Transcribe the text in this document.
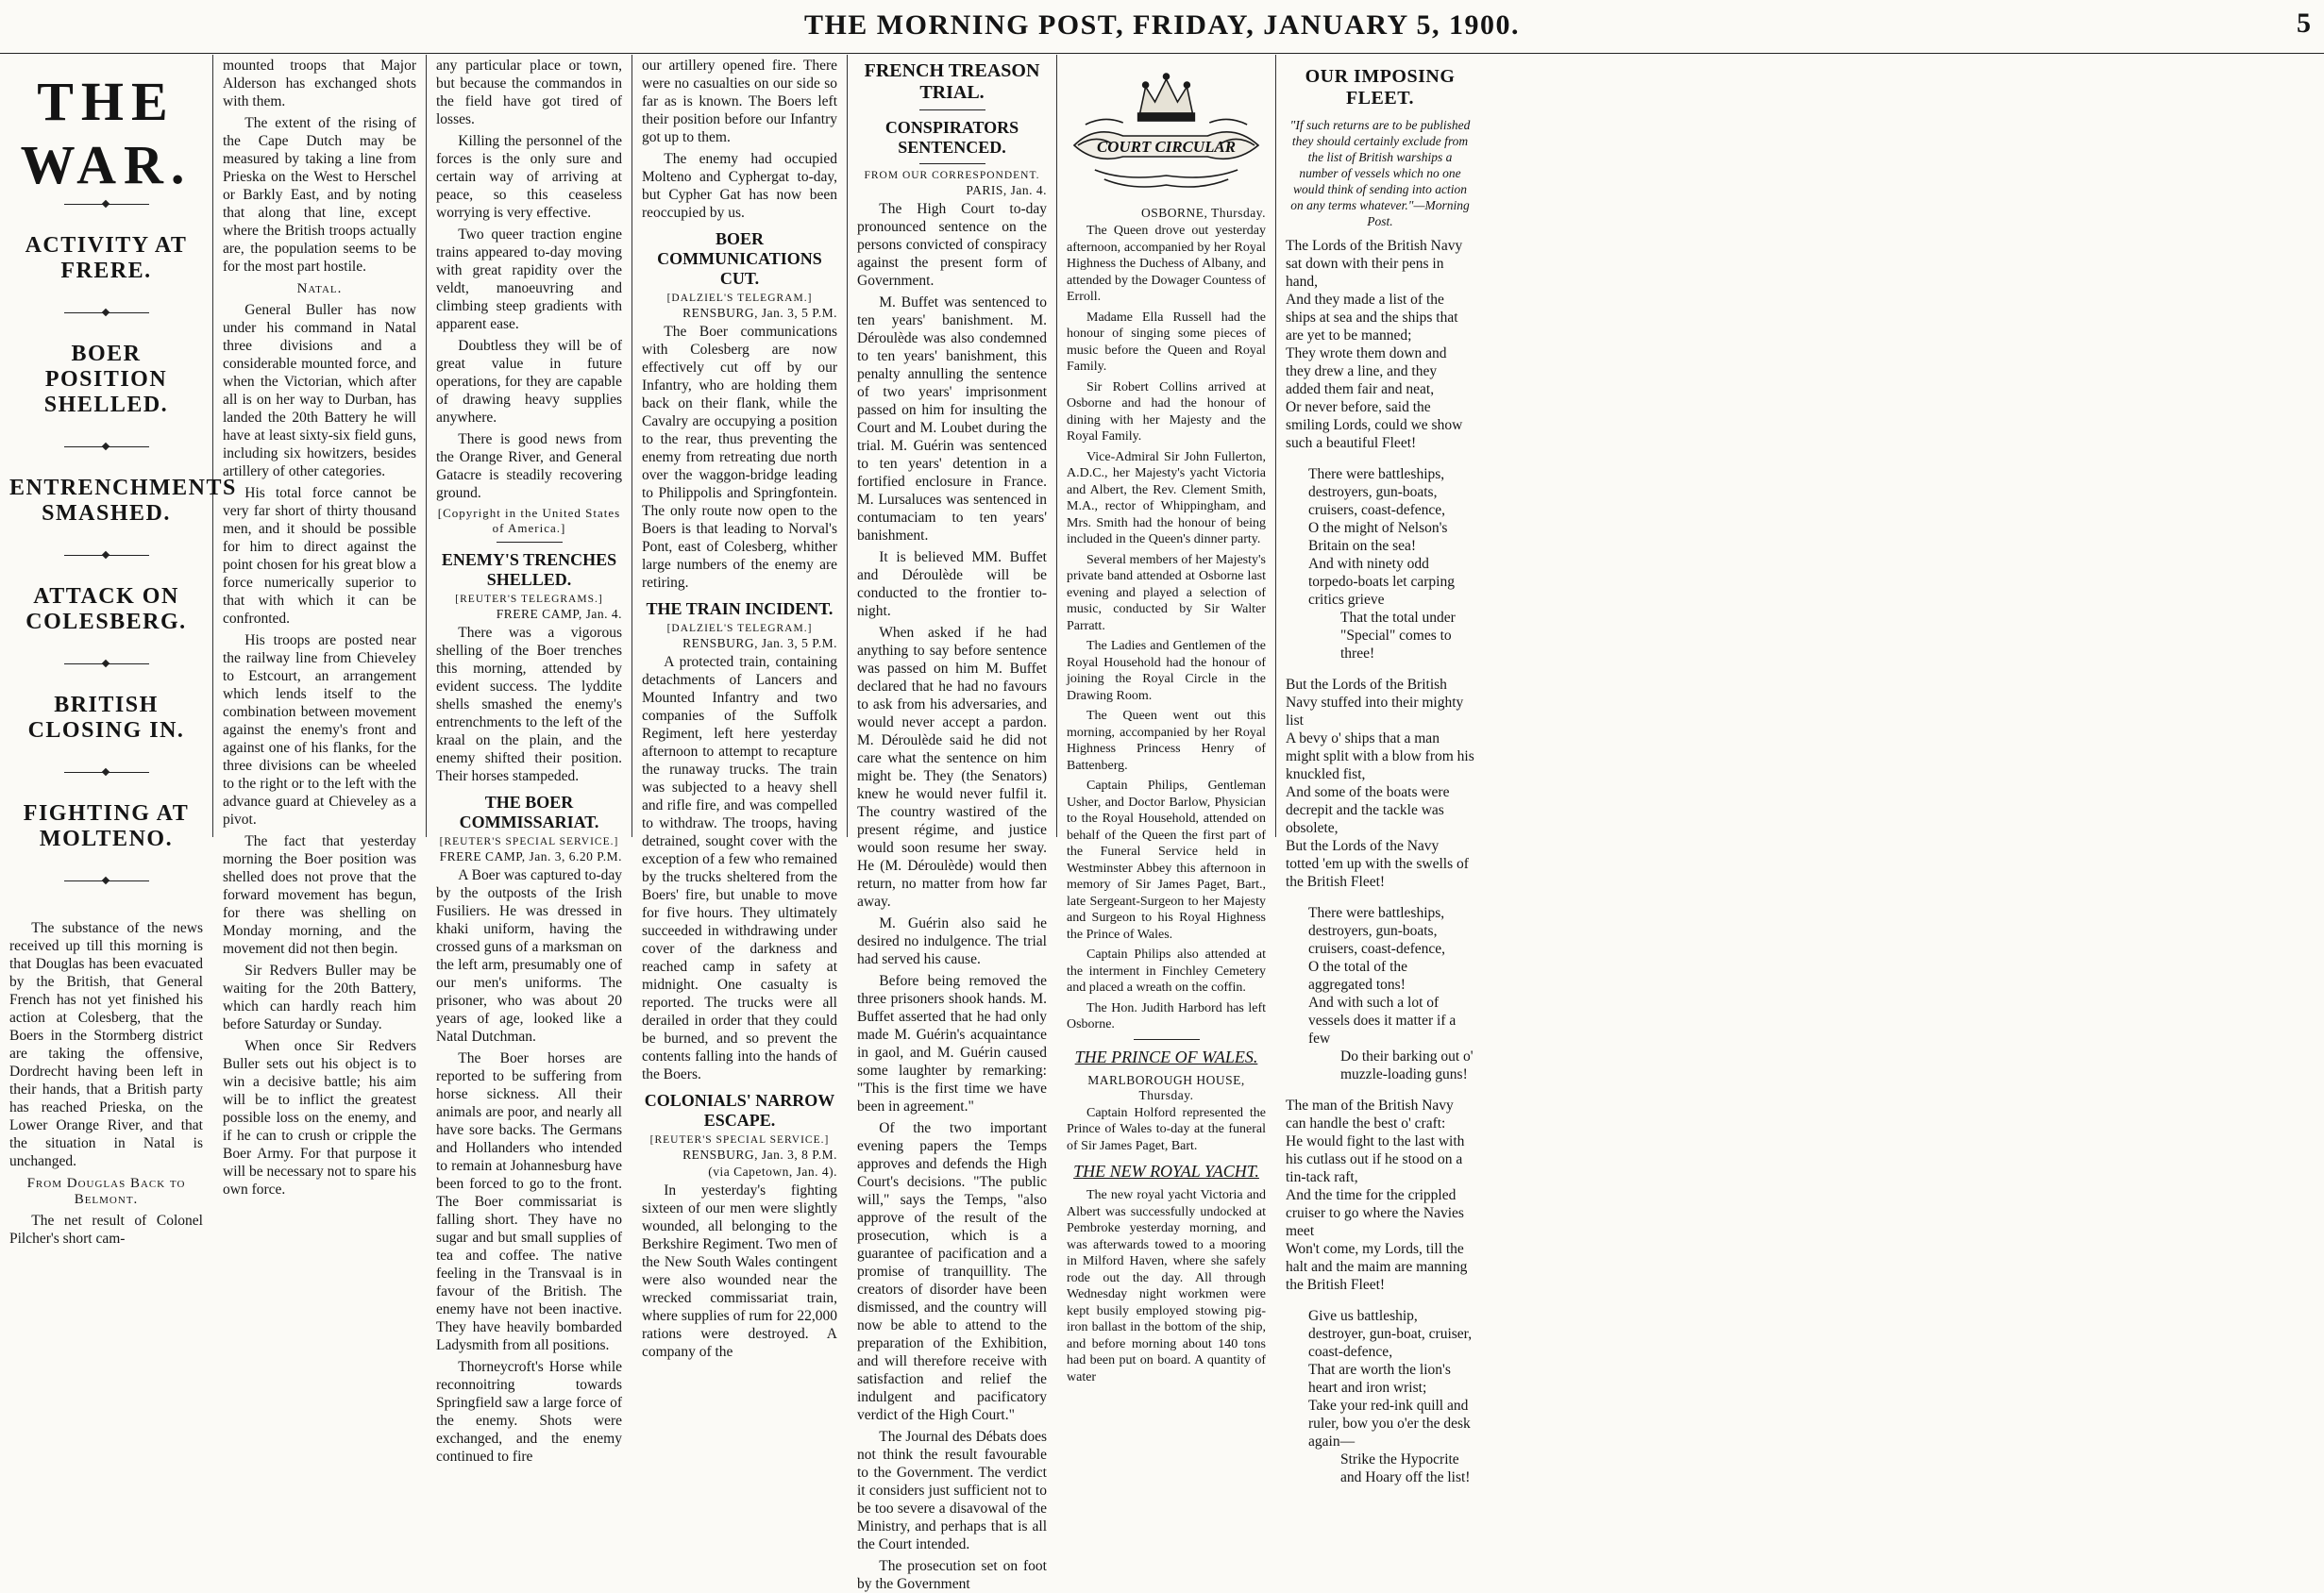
THE MORNING POST, FRIDAY, JANUARY 5, 1900.	5
THE WAR.
ACTIVITY AT FRERE.
BOER POSITION SHELLED.
ENTRENCHMENTS SMASHED.
ATTACK ON COLESBERG.
BRITISH CLOSING IN.
FIGHTING AT MOLTENO.

The substance of the news received up till this morning is that Douglas has been evacuated by the British, that General French has not yet finished his action at Colesberg, that the Boers in the Stormberg district are taking the offensive, Dordrecht having been left in their hands, that a British party has reached Prieska, on the Lower Orange River, and that the situation in Natal is unchanged.

From Douglas Back to Belmont.

The net result of Colonel Pilcher's short cam-

mounted troops that Major Alderson has exchanged shots with them.

The extent of the rising of the Cape Dutch may be measured by taking a line from Prieska on the West to Herschel or Barkly East, and by noting that along that line, except where the British troops actually are, the population seems to be for the most part hostile.

Natal.

General Buller has now under his command in Natal three divisions and a considerable mounted force, and when the Victorian, which after all is on her way to Durban, has landed the 20th Battery he will have at least sixty-six field guns, including six howitzers, besides artillery of other categories.

His total force cannot be very far short of thirty thousand men, and it should be possible for him to direct against the point chosen for his great blow a force numerically superior to that with which it can be confronted.

His troops are posted near the railway line from Chieveley to Estcourt, an arrangement which lends itself to the combination between movement against the enemy's front and against one of his flanks, for the three divisions can be wheeled to the right or to the left with the advance guard at Chieveley as a pivot.

The fact that yesterday morning the Boer position was shelled does not prove that the forward movement has begun, for there was shelling on Monday morning, and the movement did not then begin.

Sir Redvers Buller may be waiting for the 20th Battery, which can hardly reach him before Saturday or Sunday.

When once Sir Redvers Buller sets out his object is to win a decisive battle; his aim will be to inflict the greatest possible loss on the enemy, and if he can to crush or cripple the Boer Army. For that purpose it will be necessary not to spare his own force.

any particular place or town, but because the commandos in the field have got tired of losses.

Killing the personnel of the forces is the only sure and certain way of arriving at peace, so this ceaseless worrying is very effective.

Two queer traction engine trains appeared to-day moving with great rapidity over the veldt, manoeuvring and climbing steep gradients with apparent ease.

Doubtless they will be of great value in future operations, for they are capable of drawing heavy supplies anywhere.

There is good news from the Orange River, and General Gatacre is steadily recovering ground.

[Copyright in the United States of America.]
ENEMY'S TRENCHES SHELLED.
[REUTER'S TELEGRAMS.]
FRERE CAMP, Jan. 4.

There was a vigorous shelling of the Boer trenches this morning, attended by evident success. The lyddite shells smashed the enemy's entrenchments to the left of the kraal on the plain, and the enemy shifted their position. Their horses stampeded.

THE BOER COMMISSARIAT.
[REUTER'S SPECIAL SERVICE.]
FRERE CAMP, Jan. 3, 6.20 P.M.

A Boer was captured to-day by the outposts of the Irish Fusiliers. He was dressed in khaki uniform, having the crossed guns of a marksman on the left arm, presumably one of our men's uniforms. The prisoner, who was about 20 years of age, looked like a Natal Dutchman.

The Boer horses are reported to be suffering from horse sickness. All their animals are poor, and nearly all have sore backs. The Germans and Hollanders who intended to remain at Johannesburg have been forced to go to the front. The Boer commissariat is falling short. They have no sugar and but small supplies of tea and coffee. The native feeling in the Transvaal is in favour of the British. The enemy have not been inactive. They have heavily bombarded Ladysmith from all positions.

Thorneycroft's Horse while reconnoitring towards Springfield saw a large force of the enemy. Shots were exchanged, and the enemy continued to fire

our artillery opened fire. There were no casualties on our side so far as is known. The Boers left their position before our Infantry got up to them.

The enemy had occupied Molteno and Cyphergat to-day, but Cypher Gat has now been reoccupied by us.

BOER COMMUNICATIONS CUT.
[DALZIEL'S TELEGRAM.]
RENSBURG, Jan. 3, 5 P.M.

The Boer communications with Colesberg are now effectively cut off by our Infantry, who are holding them back on their flank, while the Cavalry are occupying a position to the rear, thus preventing the enemy from retreating due north over the waggon-bridge leading to Philippolis and Springfontein. The only route now open to the Boers is that leading to Norval's Pont, east of Colesberg, whither large numbers of the enemy are retiring.

THE TRAIN INCIDENT.
[DALZIEL'S TELEGRAM.]
RENSBURG, Jan. 3, 5 P.M.

A protected train, containing detachments of Lancers and Mounted Infantry and two companies of the Suffolk Regiment, left here yesterday afternoon to attempt to recapture the runaway trucks. The train was subjected to a heavy shell and rifle fire, and was compelled to withdraw. The troops, having detrained, sought cover with the exception of a few who remained by the trucks sheltered from the Boers' fire, but unable to move for five hours. They ultimately succeeded in withdrawing under cover of the darkness and reached camp in safety at midnight. One casualty is reported. The trucks were all derailed in order that they could be burned, and so prevent the contents falling into the hands of the Boers.

COLONIALS' NARROW ESCAPE.
[REUTER'S SPECIAL SERVICE.]
RENSBURG, Jan. 3, 8 P.M.
(via Capetown, Jan. 4).

In yesterday's fighting sixteen of our men were slightly wounded, all belonging to the Berkshire Regiment. Two men of the New South Wales contingent were also wounded near the wrecked commissariat train, where supplies of rum for 22,000 rations were destroyed. A company of the

FRENCH TREASON TRIAL.
CONSPIRATORS SENTENCED.
FROM OUR CORRESPONDENT.
PARIS, Jan. 4.

The High Court to-day pronounced sentence on the persons convicted of conspiracy against the present form of Government.

M. Buffet was sentenced to ten years' banishment. M. Déroulède was also condemned to ten years' banishment, this penalty annulling the sentence of two years' imprisonment passed on him for insulting the Court and M. Loubet during the trial. M. Guérin was sentenced to ten years' detention in a fortified enclosure in France. M. Lursaluces was sentenced in contumaciam to ten years' banishment.

It is believed MM. Buffet and Déroulède will be conducted to the frontier to-night.

When asked if he had anything to say before sentence was passed on him M. Buffet declared that he had no favours to ask from his adversaries, and would never accept a pardon. M. Déroulède said he did not care what the sentence on him might be. They (the Senators) knew he would never fulfil it. The country wastired of the present régime, and justice would soon resume her sway. He (M. Déroulède) would then return, no matter from how far away.

M. Guérin also said he desired no indulgence. The trial had served his cause.

Before being removed the three prisoners shook hands. M. Buffet asserted that he had only made M. Guérin's acquaintance in gaol, and M. Guérin caused some laughter by remarking: "This is the first time we have been in agreement."

Of the two important evening papers the Temps approves and defends the High Court's decisions. "The public will," says the Temps, "also approve of the result of the prosecution, which is a guarantee of pacification and a promise of tranquillity. The creators of disorder have been dismissed, and the country will now be able to attend to the preparation of the Exhibition, and will therefore receive with satisfaction and relief the indulgent and pacificatory verdict of the High Court."

The Journal des Débats does not think the result favourable to the Government. The verdict it considers just sufficient not to be too severe a disavowal of the Ministry, and perhaps that is all the Court intended.

The prosecution set on foot by the Government

COURT CIRCULAR
OSBORNE, Thursday.

The Queen drove out yesterday afternoon, accompanied by her Royal Highness the Duchess of Albany, and attended by the Dowager Countess of Erroll.

Madame Ella Russell had the honour of singing some pieces of music before the Queen and Royal Family.

Sir Robert Collins arrived at Osborne and had the honour of dining with her Majesty and the Royal Family.

Vice-Admiral Sir John Fullerton, A.D.C., her Majesty's yacht Victoria and Albert, the Rev. Clement Smith, M.A., rector of Whippingham, and Mrs. Smith had the honour of being included in the Queen's dinner party.

Several members of her Majesty's private band attended at Osborne last evening and played a selection of music, conducted by Sir Walter Parratt.

The Ladies and Gentlemen of the Royal Household had the honour of joining the Royal Circle in the Drawing Room.

The Queen went out this morning, accompanied by her Royal Highness Princess Henry of Battenberg.

Captain Philips, Gentleman Usher, and Doctor Barlow, Physician to the Royal Household, attended on behalf of the Queen the first part of the Funeral Service held in Westminster Abbey this afternoon in memory of Sir James Paget, Bart., late Sergeant-Surgeon to her Majesty and Surgeon to his Royal Highness the Prince of Wales.

Captain Philips also attended at the interment in Finchley Cemetery and placed a wreath on the coffin.

The Hon. Judith Harbord has left Osborne.

THE PRINCE OF WALES.
MARLBOROUGH HOUSE, Thursday.

Captain Holford represented the Prince of Wales to-day at the funeral of Sir James Paget, Bart.

THE NEW ROYAL YACHT.

The new royal yacht Victoria and Albert was successfully undocked at Pembroke yesterday morning, and was afterwards towed to a mooring in Milford Haven, where she safely rode out the day. All through Wednesday night workmen were kept busily employed stowing pig-iron ballast in the bottom of the ship, and before morning about 140 tons had been put on board. A quantity of water

OUR IMPOSING FLEET.
"If such returns are to be published they should certainly exclude from the list of British warships a number of vessels which no one would think of sending into action on any terms whatever."—Morning Post.
The Lords of the British Navy sat down with their pens in hand,
And they made a list of the ships at sea and the ships that are yet to be manned;
They wrote them down and they drew a line, and they added them fair and neat,
Or never before, said the smiling Lords, could we show such a beautiful Fleet!
There were battleships, destroyers, gun-boats, cruisers, coast-defence,
O the might of Nelson's Britain on the sea!
And with ninety odd torpedo-boats let carping critics grieve
That the total under "Special" comes to three!
But the Lords of the British Navy stuffed into their mighty list
A bevy o' ships that a man might split with a blow from his knuckled fist,
And some of the boats were decrepit and the tackle was obsolete,
But the Lords of the Navy totted 'em up with the swells of the British Fleet!
There were battleships, destroyers, gun-boats, cruisers, coast-defence,
O the total of the aggregated tons!
And with such a lot of vessels does it matter if a few
Do their barking out o' muzzle-loading guns!
The man of the British Navy can handle the best o' craft:
He would fight to the last with his cutlass out if he stood on a tin-tack raft,
And the time for the crippled cruiser to go where the Navies meet
Won't come, my Lords, till the halt and the maim are manning the British Fleet!
Give us battleship, destroyer, gun-boat, cruiser, coast-defence,
That are worth the lion's heart and iron wrist;
Take your red-ink quill and ruler, bow you o'er the desk again—
Strike the Hypocrite and Hoary off the list!
